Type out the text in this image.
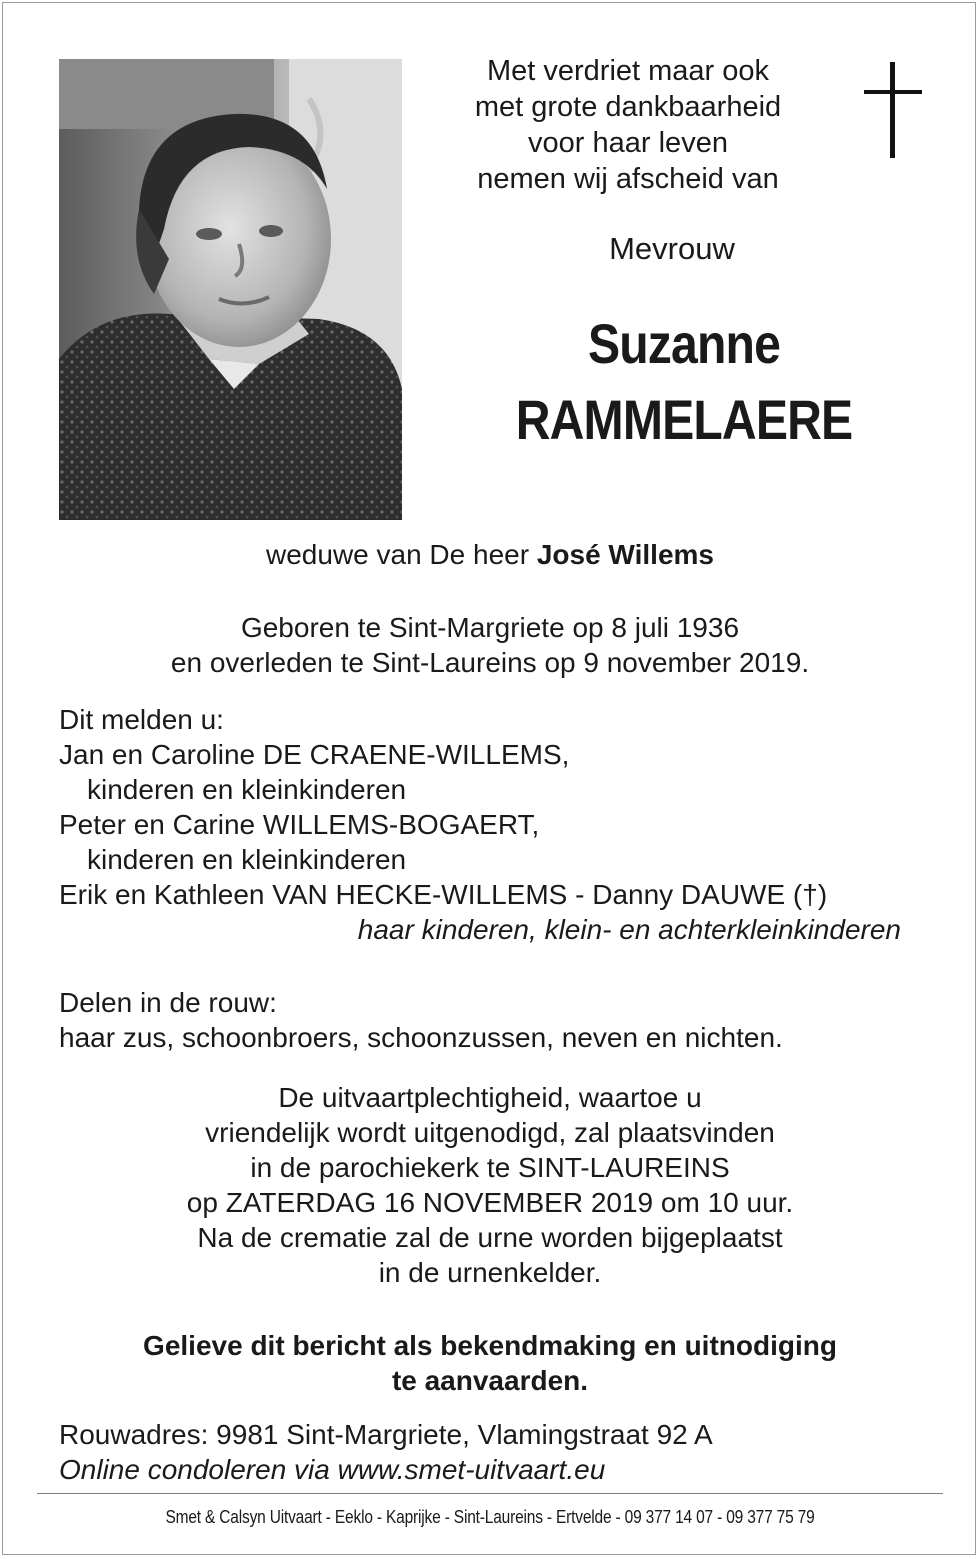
Met verdriet maar ook
met grote dankbaarheid
voor haar leven
nemen wij afscheid van
Mevrouw
Suzanne
RAMMELAERE
weduwe van De heer José Willems
Geboren te Sint-Margriete op 8 juli 1936
en overleden te Sint-Laureins op 9 november 2019.
Dit melden u:
Jan en Caroline DE CRAENE-WILLEMS,
kinderen en kleinkinderen
Peter en Carine WILLEMS-BOGAERT,
kinderen en kleinkinderen
Erik en Kathleen VAN HECKE-WILLEMS - Danny DAUWE (†)
haar kinderen, klein- en achterkleinkinderen
Delen in de rouw:
haar zus, schoonbroers, schoonzussen, neven en nichten.
De uitvaartplechtigheid, waartoe u
vriendelijk wordt uitgenodigd, zal plaatsvinden
in de parochiekerk te SINT-LAUREINS
op ZATERDAG 16 NOVEMBER 2019 om 10 uur.
Na de crematie zal de urne worden bijgeplaatst
in de urnenkelder.
Gelieve dit bericht als bekendmaking en uitnodiging
te aanvaarden.
Rouwadres: 9981 Sint-Margriete, Vlamingstraat 92 A
Online condoleren via www.smet-uitvaart.eu
Smet & Calsyn Uitvaart - Eeklo - Kaprijke - Sint-Laureins - Ertvelde - 09 377 14 07 - 09 377 75 79
